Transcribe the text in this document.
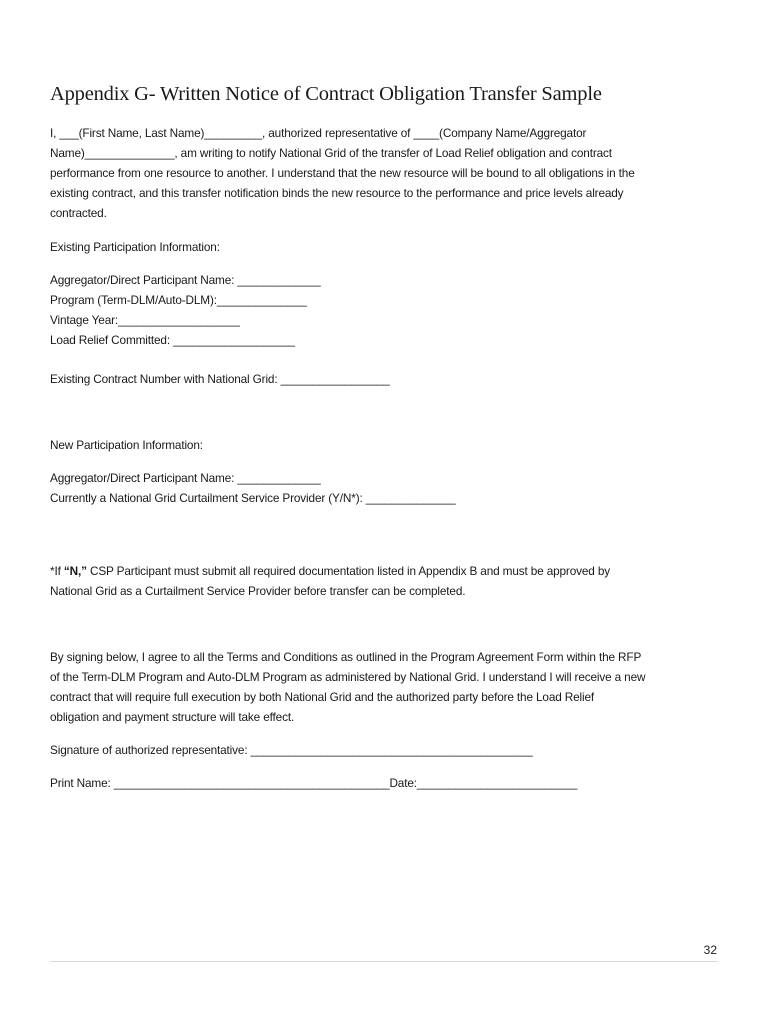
Appendix G- Written Notice of Contract Obligation Transfer Sample

I, ___(First Name, Last Name)_________, authorized representative of ____(Company Name/Aggregator
Name)______________, am writing to notify National Grid of the transfer of Load Relief obligation and contract
performance from one resource to another. I understand that the new resource will be bound to all obligations in the
existing contract, and this transfer notification binds the new resource to the performance and price levels already
contracted.

Existing Participation Information:

Aggregator/Direct Participant Name: _____________
Program (Term-DLM/Auto-DLM):______________
Vintage Year:___________________
Load Relief Committed: ___________________

Existing Contract Number with National Grid: _________________

New Participation Information:

Aggregator/Direct Participant Name: _____________
Currently a National Grid Curtailment Service Provider (Y/N*): ______________

*If “N,” CSP Participant must submit all required documentation listed in Appendix B and must be approved by
National Grid as a Curtailment Service Provider before transfer can be completed.

By signing below, I agree to all the Terms and Conditions as outlined in the Program Agreement Form within the RFP
of the Term-DLM Program and Auto-DLM Program as administered by National Grid. I understand I will receive a new
contract that will require full execution by both National Grid and the authorized party before the Load Relief
obligation and payment structure will take effect.

Signature of authorized representative: ____________________________________________

Print Name: ___________________________________________Date:_________________________

32
